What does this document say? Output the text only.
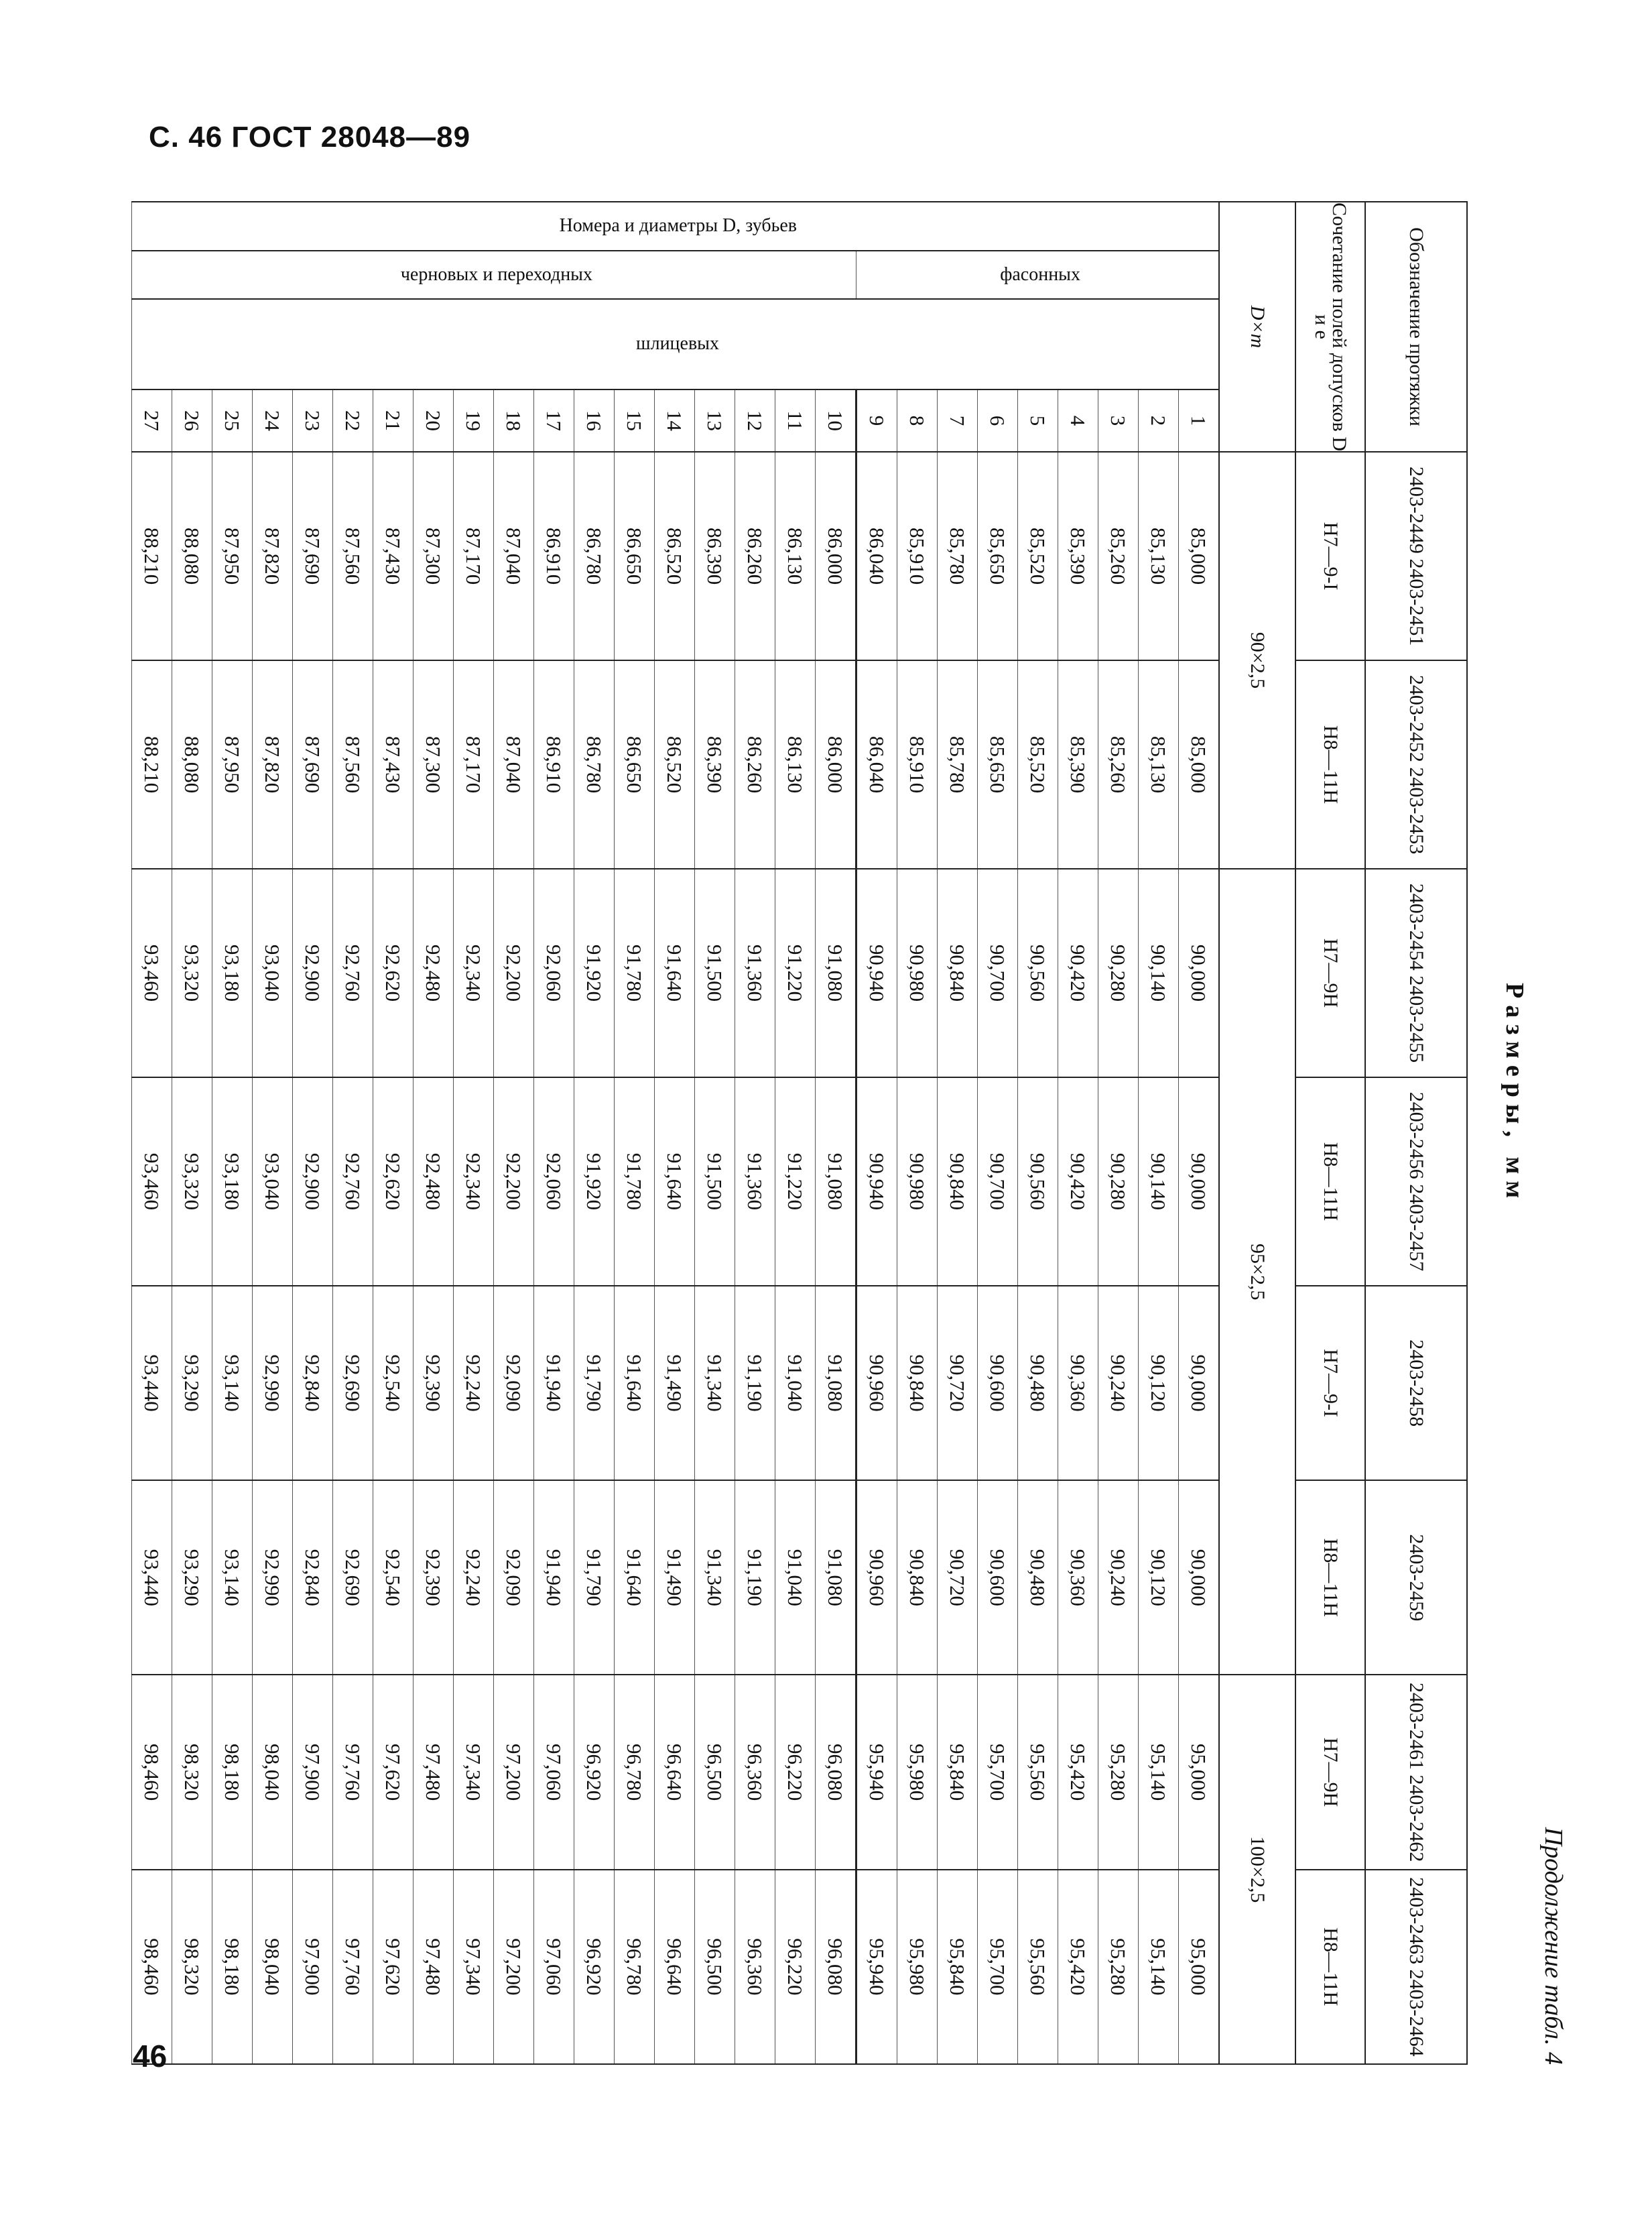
С. 46 ГОСТ 28048—89
Продолжение табл. 4
Размеры, мм
Обозначение протяжки				2403-2449 2403-2451	2403-2452 2403-2453	2403-2454 2403-2455	2403-2456 2403-2457	2403-2458	2403-2459	2403-2461 2403-2462	2403-2463 2403-2464
Сочетание полей допусков D и e				H7—9-I	H8—11H	H7—9H	H8—11H	H7—9-I	H8—11H	H7—9H	H8—11H
D×m				90×2,5		95×2,5				100×2,5	
Номера и диаметры D, зубьев	фасонных	шлицевых	1	85,000	85,000	90,000	90,000	90,000	90,000	95,000	95,000
			2	85,130	85,130	90,140	90,140	90,120	90,120	95,140	95,140
			3	85,260	85,260	90,280	90,280	90,240	90,240	95,280	95,280
			4	85,390	85,390	90,420	90,420	90,360	90,360	95,420	95,420
			5	85,520	85,520	90,560	90,560	90,480	90,480	95,560	95,560
			6	85,650	85,650	90,700	90,700	90,600	90,600	95,700	95,700
			7	85,780	85,780	90,840	90,840	90,720	90,720	95,840	95,840
			8	85,910	85,910	90,980	90,980	90,840	90,840	95,980	95,980
			9	86,040	86,040	90,940	90,940	90,960	90,960	95,940	95,940
	черновых и переходных		10	86,000	86,000	91,080	91,080	91,080	91,080	96,080	96,080
			11	86,130	86,130	91,220	91,220	91,040	91,040	96,220	96,220
			12	86,260	86,260	91,360	91,360	91,190	91,190	96,360	96,360
			13	86,390	86,390	91,500	91,500	91,340	91,340	96,500	96,500
			14	86,520	86,520	91,640	91,640	91,490	91,490	96,640	96,640
			15	86,650	86,650	91,780	91,780	91,640	91,640	96,780	96,780
			16	86,780	86,780	91,920	91,920	91,790	91,790	96,920	96,920
			17	86,910	86,910	92,060	92,060	91,940	91,940	97,060	97,060
			18	87,040	87,040	92,200	92,200	92,090	92,090	97,200	97,200
			19	87,170	87,170	92,340	92,340	92,240	92,240	97,340	97,340
			20	87,300	87,300	92,480	92,480	92,390	92,390	97,480	97,480
			21	87,430	87,430	92,620	92,620	92,540	92,540	97,620	97,620
			22	87,560	87,560	92,760	92,760	92,690	92,690	97,760	97,760
			23	87,690	87,690	92,900	92,900	92,840	92,840	97,900	97,900
			24	87,820	87,820	93,040	93,040	92,990	92,990	98,040	98,040
			25	87,950	87,950	93,180	93,180	93,140	93,140	98,180	98,180
			26	88,080	88,080	93,320	93,320	93,290	93,290	98,320	98,320
			27	88,210	88,210	93,460	93,460	93,440	93,440	98,460	98,460
46
